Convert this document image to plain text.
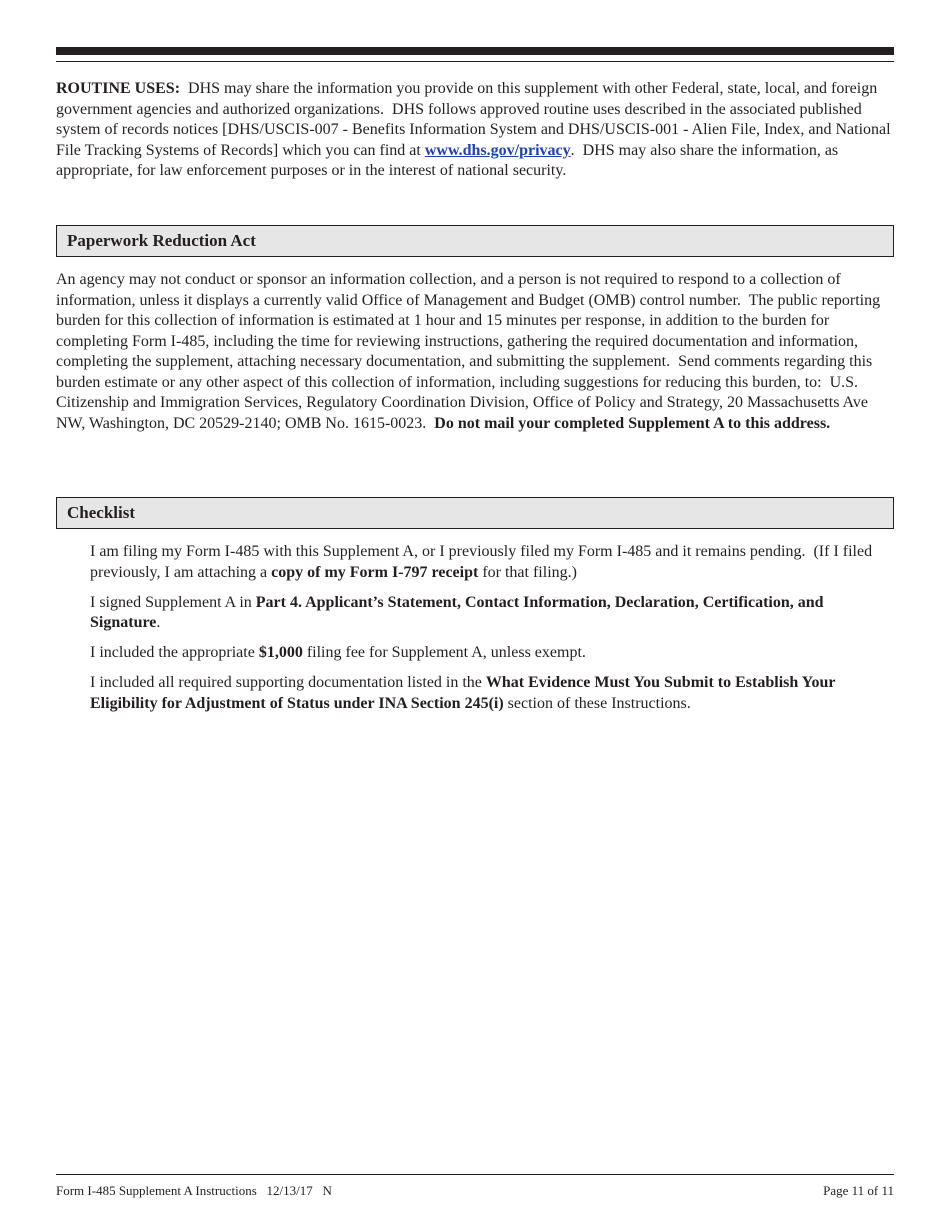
ROUTINE USES:  DHS may share the information you provide on this supplement with other Federal, state, local, and foreign government agencies and authorized organizations.  DHS follows approved routine uses described in the associated published system of records notices [DHS/USCIS-007 - Benefits Information System and DHS/USCIS-001 - Alien File, Index, and National File Tracking Systems of Records] which you can find at www.dhs.gov/privacy.  DHS may also share the information, as appropriate, for law enforcement purposes or in the interest of national security.

Paperwork Reduction Act

An agency may not conduct or sponsor an information collection, and a person is not required to respond to a collection of information, unless it displays a currently valid Office of Management and Budget (OMB) control number.  The public reporting burden for this collection of information is estimated at 1 hour and 15 minutes per response, in addition to the burden for completing Form I-485, including the time for reviewing instructions, gathering the required documentation and information, completing the supplement, attaching necessary documentation, and submitting the supplement.  Send comments regarding this burden estimate or any other aspect of this collection of information, including suggestions for reducing this burden, to:  U.S. Citizenship and Immigration Services, Regulatory Coordination Division, Office of Policy and Strategy, 20 Massachusetts Ave NW, Washington, DC 20529-2140; OMB No. 1615-0023.  Do not mail your completed Supplement A to this address.

Checklist
I am filing my Form I-485 with this Supplement A, or I previously filed my Form I-485 and it remains pending.  (If I filed previously, I am attaching a copy of my Form I-797 receipt for that filing.)
I signed Supplement A in Part 4. Applicant’s Statement, Contact Information, Declaration, Certification, and Signature.
I included the appropriate $1,000 filing fee for Supplement A, unless exempt.
I included all required supporting documentation listed in the What Evidence Must You Submit to Establish Your Eligibility for Adjustment of Status under INA Section 245(i) section of these Instructions.
Form I-485 Supplement A Instructions   12/13/17   N	Page 11 of 11
